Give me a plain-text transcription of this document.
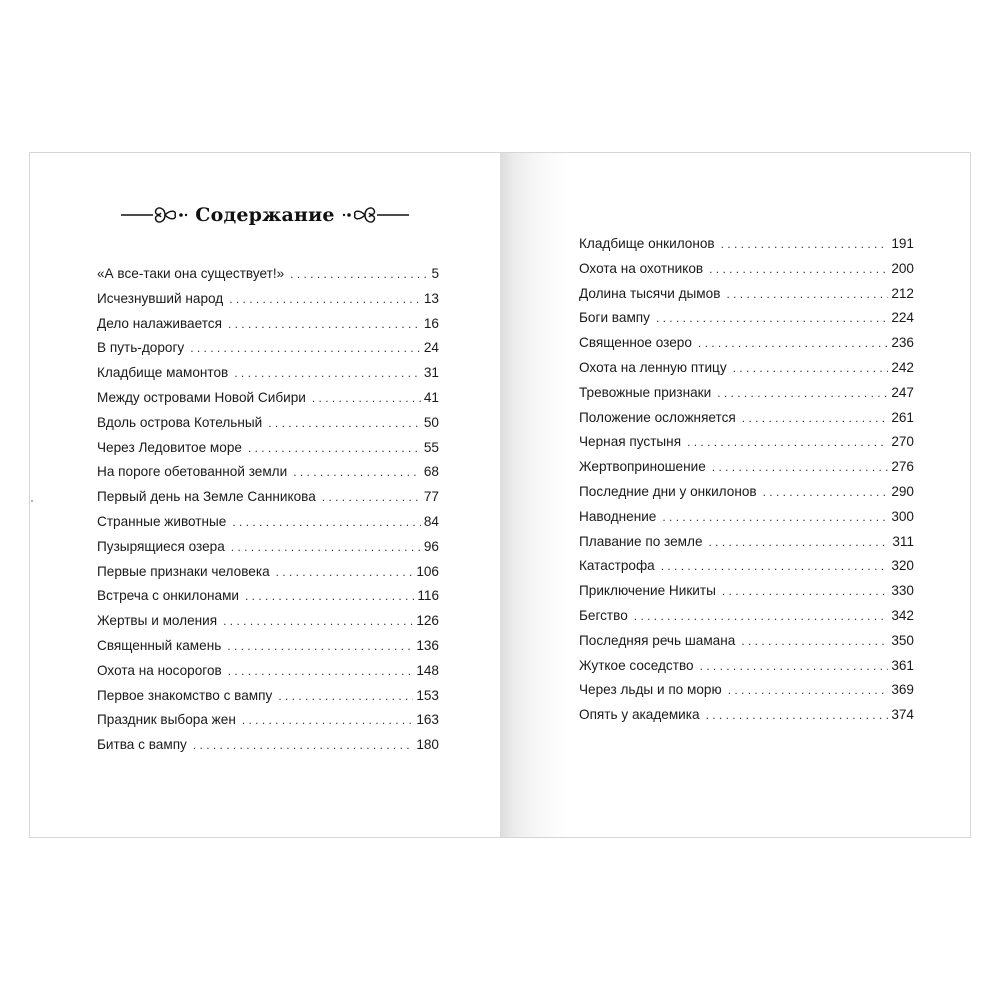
Содержание
«А все-таки она существует!» . . .	5
Исчезнувший народ . . .	13
Дело налаживается . . .	16
В путь-дорогу . . .	24
Кладбище мамонтов . . .	31
Между островами Новой Сибири . . .	41
Вдоль острова Котельный . . .	50
Через Ледовитое море . . .	55
На пороге обетованной земли . . .	68
Первый день на Земле Санникова . . .	77
Странные животные . . .	84
Пузырящиеся озера . . .	96
Первые признаки человека . . .	106
Встреча с онкилонами . . .	116
Жертвы и моления . . .	126
Священный камень . . .	136
Охота на носорогов . . .	148
Первое знакомство с вампу . . .	153
Праздник выбора жен . . .	163
Битва с вампу . . .	180
Кладбище онкилонов . . .	191
Охота на охотников . . .	200
Долина тысячи дымов . . .	212
Боги вампу . . .	224
Священное озеро . . .	236
Охота на ленную птицу . . .	242
Тревожные признаки . . .	247
Положение осложняется . . .	261
Черная пустыня . . .	270
Жертвоприношение . . .	276
Последние дни у онкилонов . . .	290
Наводнение . . .	300
Плавание по земле . . .	311
Катастрофа . . .	320
Приключение Никиты . . .	330
Бегство . . .	342
Последняя речь шамана . . .	350
Жуткое соседство . . .	361
Через льды и по морю . . .	369
Опять у академика . . .	374
